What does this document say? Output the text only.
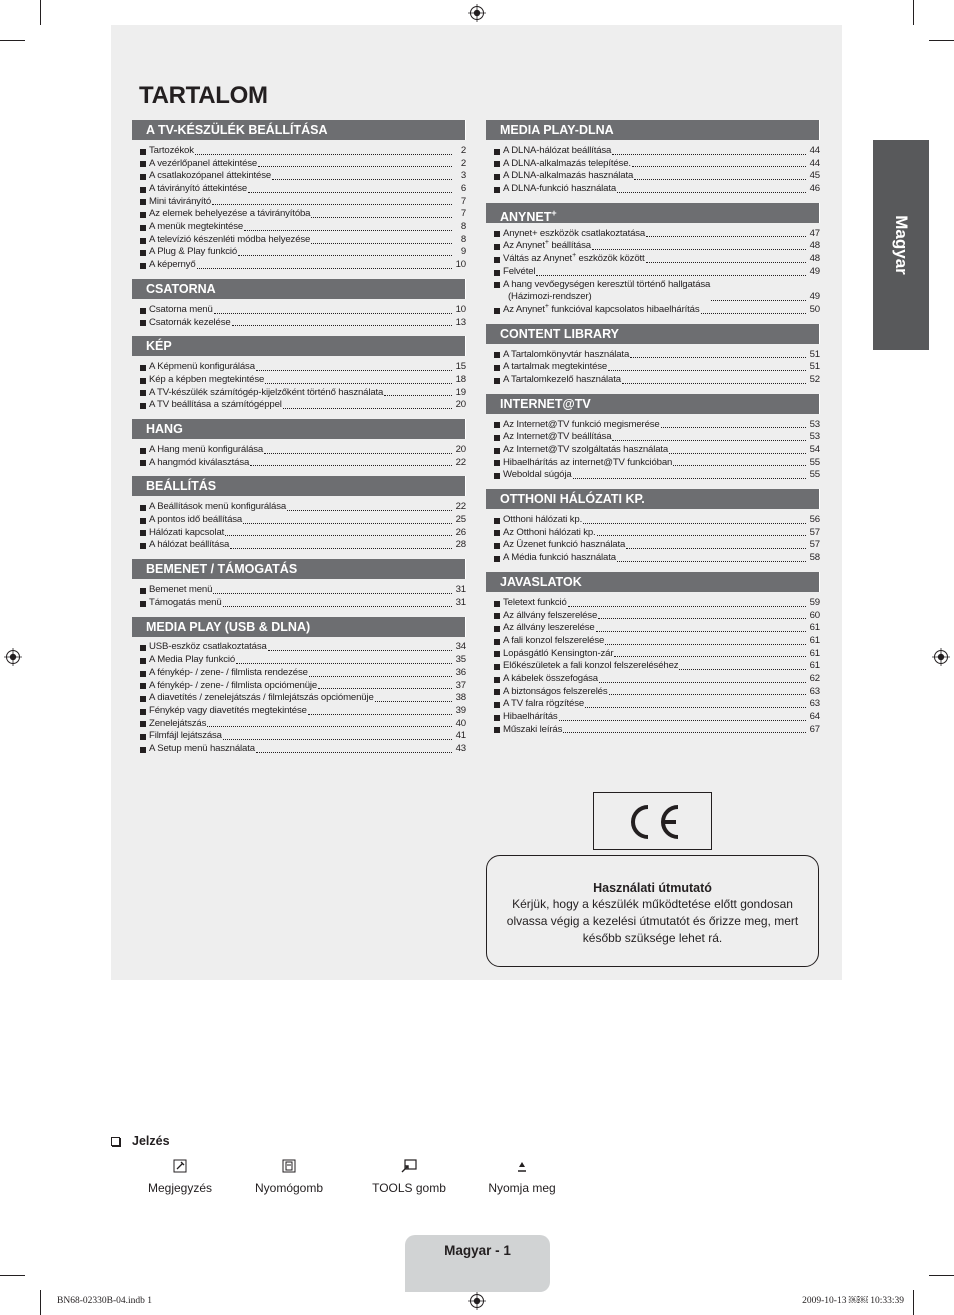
TARTALOM
A TV-KÉSZÜLÉK BEÁLLÍTÁSA
Tartozékok	2
A vezérlőpanel áttekintése	2
A csatlakozópanel áttekintése	3
A távirányító áttekintése	6
Mini távirányító	7
Az elemek behelyezése a távirányítóba	7
A menük megtekintése	8
A televízió készenléti módba helyezése	8
A Plug & Play funkció	9
A képernyő	10
CSATORNA
Csatorna menü	10
Csatornák kezelése	13
KÉP
A Képmenü konfigurálása	15
Kép a képben megtekintése	18
A TV-készülék számítógép-kijelzőként történő használata	19
A TV beállítása a számítógéppel	20
HANG
A Hang menü konfigurálása	20
A hangmód kiválasztása	22
BEÁLLÍTÁS
A Beállítások menü konfigurálása	22
A pontos idő beállítása	25
Hálózati kapcsolat	26
A hálózat beállítása	28
BEMENET / TÁMOGATÁS
Bemenet menü	31
Támogatás menü	31
MEDIA PLAY (USB & DLNA)
USB-eszköz csatlakoztatása	34
A Media Play funkció	35
A fénykép- / zene- / filmlista rendezése	36
A fénykép- / zene- / filmlista opciómenüje	37
A diavetítés / zenelejátszás / filmlejátszás opciómenüje	38
Fénykép vagy diavetítés megtekintése	39
Zenelejátszás	40
Filmfájl lejátszása	41
A Setup menü használata	43
MEDIA PLAY-DLNA
A DLNA-hálózat beállítása	44
A DLNA-alkalmazás telepítése.	44
A DLNA-alkalmazás használata	45
A DLNA-funkció használata	46
ANYNET+
Anynet+ eszközök csatlakoztatása	47
Az Anynet+ beállítása	48
Váltás az Anynet+ eszközök között	48
Felvétel	49
A hang vevőegységen keresztül történő hallgatása
(Házimozi-rendszer)	49
Az Anynet+ funkcióval kapcsolatos hibaelhárítás	50
CONTENT LIBRARY
A Tartalomkönyvtár használata	51
A tartalmak megtekintése	51
A Tartalomkezelő használata	52
INTERNET@TV
Az Internet@TV funkció megismerése	53
Az Internet@TV beállítása	53
Az Internet@TV szolgáltatás használata	54
Hibaelhárítás az internet@TV funkcióban	55
Weboldal súgója	55
OTTHONI HÁLÓZATI KP.
Otthoni hálózati kp.	56
Az Otthoni hálózati kp.	57
Az Üzenet funkció használata	57
A Média funkció használata	58
JAVASLATOK
Teletext funkció	59
Az állvány felszerelése	60
Az állvány leszerelése	61
A fali konzol felszerelése	61
Lopásgátló Kensington-zár	61
Előkészületek a fali konzol felszereléséhez	61
A kábelek összefogása	62
A biztonságos felszerelés	63
A TV falra rögzítése	63
Hibaelhárítás	64
Műszaki leírás	67
Magyar
Használati útmutató
Kérjük, hogy a készülék működtetése előtt gondosan olvassa végig a kezelési útmutatót és őrizze meg, mert később szüksége lehet rá.
Jelzés
Megjegyzés	Nyomógomb	TOOLS gomb	Nyomja meg
Magyar - 1
BN68-02330B-04.indb 1	2009-10-13 ￼￼ 10:33:39
